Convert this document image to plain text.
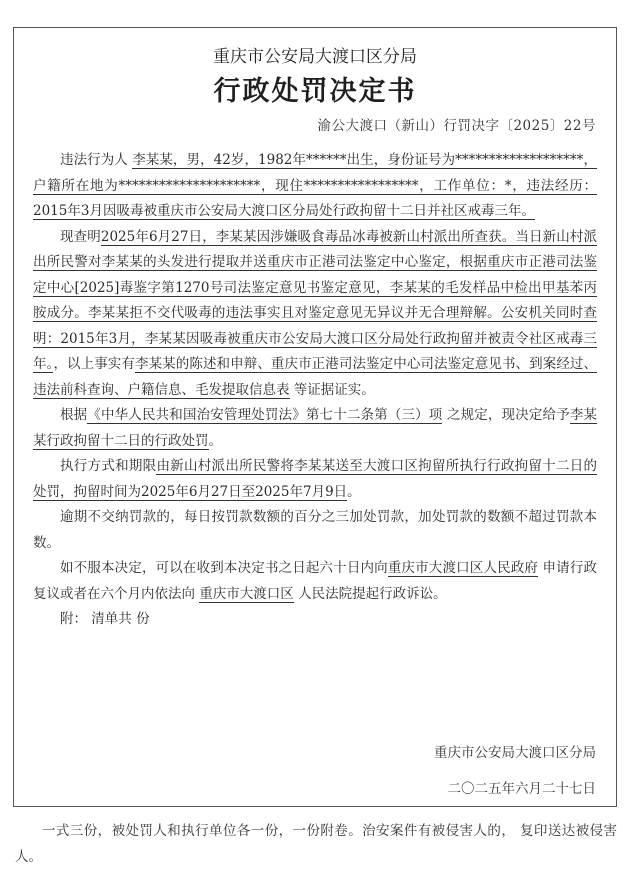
重庆市公安局大渡口区分局
行政处罚决定书
渝公大渡口（新山）行罚决字〔2025〕22号

违法行为人 李某某，男，42岁，1982年******出生，身份证号为*******************，户籍所在地为*********************，现住*****************，工作单位：*，违法经历：2015年3月因吸毒被重庆市公安局大渡口区分局处行政拘留十二日并社区戒毒三年。

现查明2025年6月27日，李某某因涉嫌吸食毒品冰毒被新山村派出所查获。当日新山村派出所民警对李某某的头发进行提取并送重庆市正港司法鉴定中心鉴定，根据重庆市正港司法鉴定中心[2025]毒鉴字第1270号司法鉴定意见书鉴定意见，李某某的毛发样品中检出甲基苯丙胺成分。李某某拒不交代吸毒的违法事实且对鉴定意见无异议并无合理辩解。公安机关同时查明：2015年3月，李某某因吸毒被重庆市公安局大渡口区分局处行政拘留并被责令社区戒毒三年。，以上事实有李某某的陈述和申辩、重庆市正港司法鉴定中心司法鉴定意见书、到案经过、违法前科查询、户籍信息、毛发提取信息表 等证据证实。

根据《中华人民共和国治安管理处罚法》第七十二条第（三）项 之规定，现决定给予李某某行政拘留十二日的行政处罚。

执行方式和期限由新山村派出所民警将李某某送至大渡口区拘留所执行行政拘留十二日的处罚，拘留时间为2025年6月27日至2025年7月9日。

逾期不交纳罚款的，每日按罚款数额的百分之三加处罚款，加处罚款的数额不超过罚款本数。

如不服本决定，可以在收到本决定书之日起六十日内向重庆市大渡口区人民政府 申请行政复议或者在六个月内依法向 重庆市大渡口区 人民法院提起行政诉讼。

附： 清单共 份

重庆市公安局大渡口区分局
二〇二五年六月二十七日
一式三份，被处罚人和执行单位各一份，一份附卷。治安案件有被侵害人的， 复印送达被侵害人。
